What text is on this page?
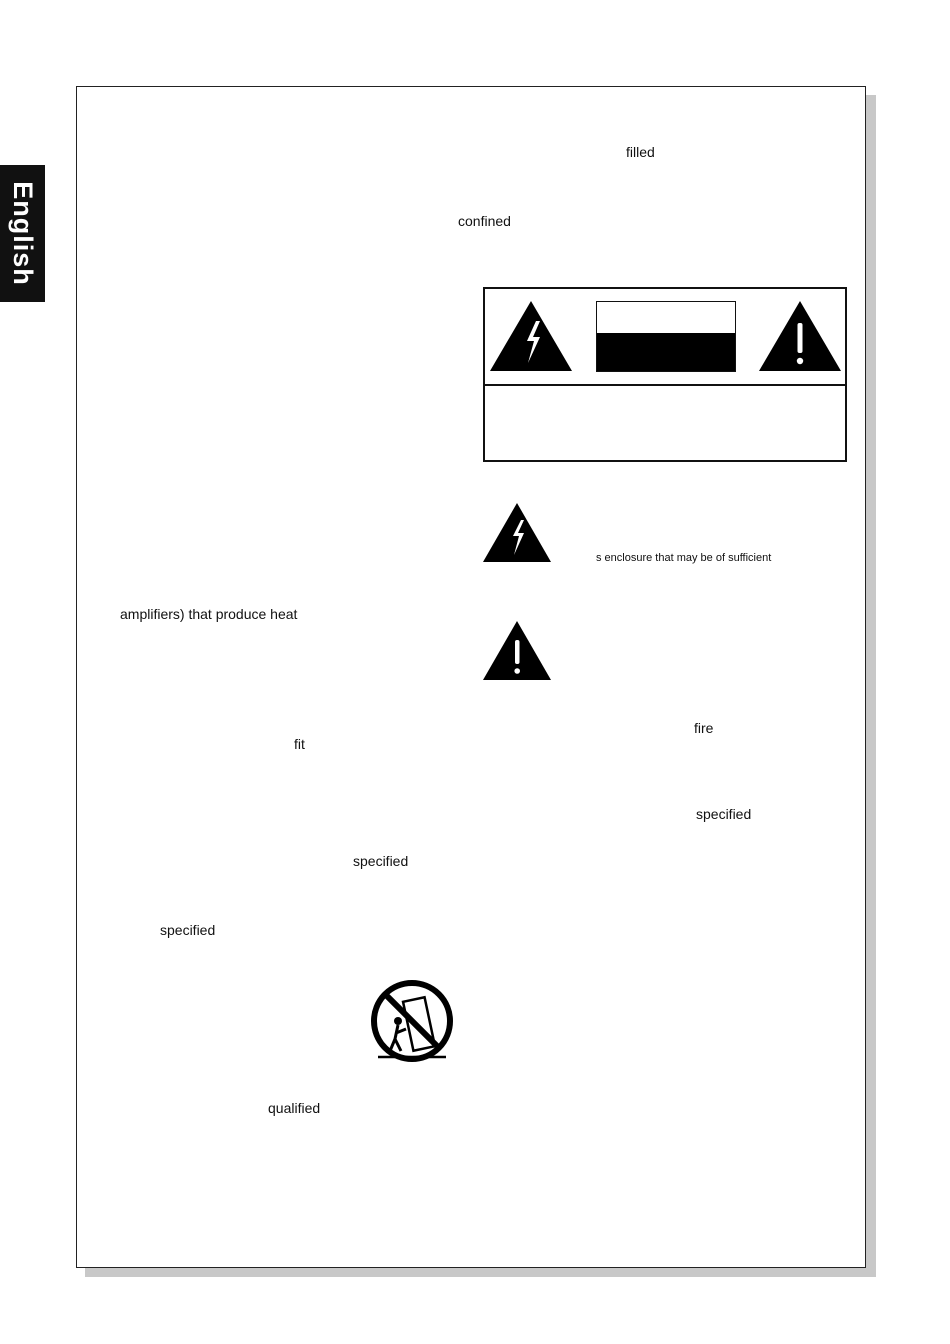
English
filled
confined
amplifiers) that produce heat
fit
specified
specified
qualified
s enclosure that may be of sufficient
fire
specified
